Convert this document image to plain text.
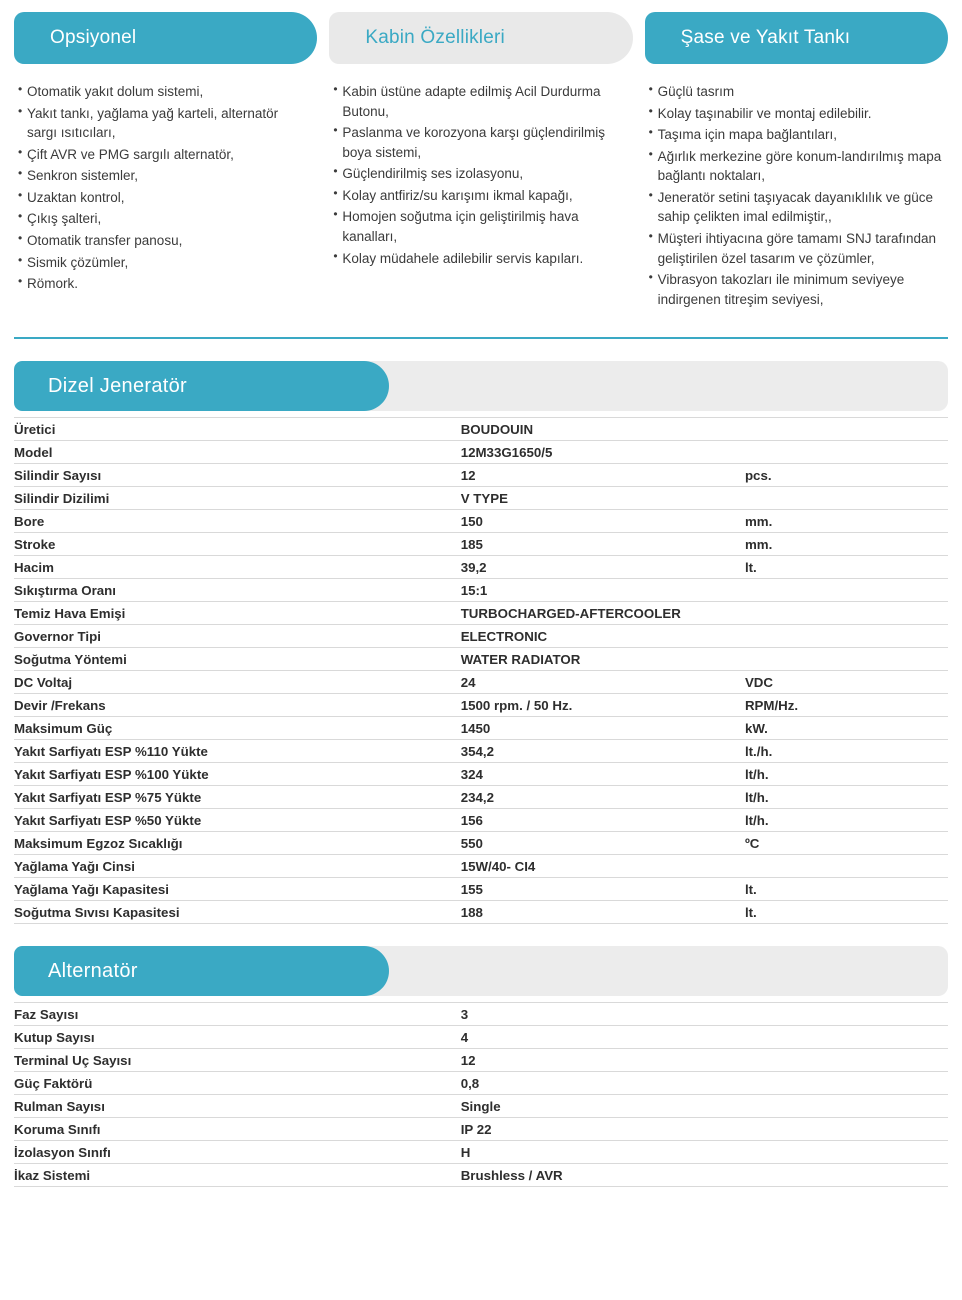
Opsiyonel
• Otomatik yakıt dolum sistemi,
• Yakıt tankı, yağlama yağ karteli, alternatör sargı ısıtıcıları,
• Çift AVR ve PMG sargılı alternatör,
• Senkron sistemler,
• Uzaktan kontrol,
• Çıkış şalteri,
• Otomatik transfer panosu,
• Sismik çözümler,
• Römork.
Kabin Özellikleri
• Kabin üstüne adapte edilmiş Acil Durdurma Butonu,
• Paslanma ve korozyona karşı güçlendirilmiş boya sistemi,
• Güçlendirilmiş ses izolasyonu,
• Kolay antfiriz/su karışımı ikmal kapağı,
• Homojen soğutma için geliştirilmiş hava kanalları,
• Kolay müdahele adilebilir servis kapıları.
Şase ve Yakıt Tankı
• Güçlü tasrım
• Kolay taşınabilir ve montaj edilebilir.
• Taşıma için mapa bağlantıları,
• Ağırlık merkezine göre konum-landırılmış mapa bağlantı noktaları,
• Jeneratör setini taşıyacak dayanıklılık ve güce sahip çelikten imal edilmiştir,,
• Müşteri ihtiyacına göre tamamı SNJ tarafından geliştirilen özel tasarım ve çözümler,
• Vibrasyon takozları ile minimum seviyeye indirgenen titreşim seviyesi,
Dizel Jeneratör
Üretici	BOUDOUIN	
Model	12M33G1650/5	
Silindir Sayısı	12	pcs.
Silindir Dizilimi	V TYPE	
Bore	150	mm.
Stroke	185	mm.
Hacim	39,2	lt.
Sıkıştırma Oranı	15:1	
Temiz Hava Emişi	TURBOCHARGED-AFTERCOOLER	
Governor Tipi	ELECTRONIC	
Soğutma Yöntemi	WATER RADIATOR	
DC Voltaj	24	VDC
Devir /Frekans	1500 rpm. / 50 Hz.	RPM/Hz.
Maksimum Güç	1450	kW.
Yakıt Sarfiyatı ESP %110 Yükte	354,2	lt./h.
Yakıt Sarfiyatı ESP %100 Yükte	324	lt/h.
Yakıt Sarfiyatı ESP %75 Yükte	234,2	lt/h.
Yakıt Sarfiyatı ESP %50 Yükte	156	lt/h.
Maksimum Egzoz Sıcaklığı	550	ºC
Yağlama Yağı Cinsi	15W/40- CI4	
Yağlama Yağı Kapasitesi	155	lt.
Soğutma Sıvısı Kapasitesi	188	lt.
Alternatör
Faz Sayısı	3	
Kutup Sayısı	4	
Terminal Uç Sayısı	12	
Güç Faktörü	0,8	
Rulman Sayısı	Single	
Koruma Sınıfı	IP 22	
İzolasyon Sınıfı	H	
İkaz Sistemi	Brushless / AVR	
